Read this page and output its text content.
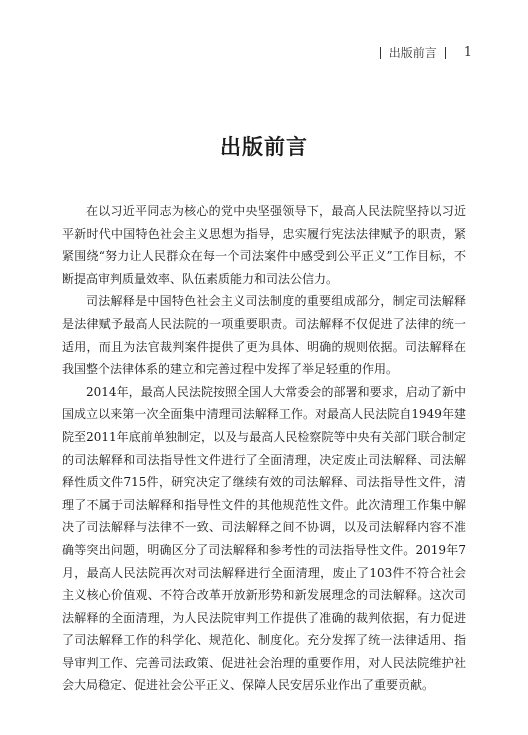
出版前言 1
出版前言

在以习近平同志为核心的党中央坚强领导下，最高人民法院坚持以习近平新时代中国特色社会主义思想为指导，忠实履行宪法法律赋予的职责，紧紧围绕“努力让人民群众在每一个司法案件中感受到公平正义”工作目标，不断提高审判质量效率、队伍素质能力和司法公信力。

司法解释是中国特色社会主义司法制度的重要组成部分，制定司法解释是法律赋予最高人民法院的一项重要职责。司法解释不仅促进了法律的统一适用，而且为法官裁判案件提供了更为具体、明确的规则依据。司法解释在我国整个法律体系的建立和完善过程中发挥了举足轻重的作用。

2014年，最高人民法院按照全国人大常委会的部署和要求，启动了新中国成立以来第一次全面集中清理司法解释工作。对最高人民法院自1949年建院至2011年底前单独制定，以及与最高人民检察院等中央有关部门联合制定的司法解释和司法指导性文件进行了全面清理，决定废止司法解释、司法解释性质文件715件，研究决定了继续有效的司法解释、司法指导性文件，清理了不属于司法解释和指导性文件的其他规范性文件。此次清理工作集中解决了司法解释与法律不一致、司法解释之间不协调，以及司法解释内容不准确等突出问题，明确区分了司法解释和参考性的司法指导性文件。2019年7月，最高人民法院再次对司法解释进行全面清理，废止了103件不符合社会主义核心价值观、不符合改革开放新形势和新发展理念的司法解释。这次司法解释的全面清理，为人民法院审判工作提供了准确的裁判依据，有力促进了司法解释工作的科学化、规范化、制度化。充分发挥了统一法律适用、指导审判工作、完善司法政策、促进社会治理的重要作用，对人民法院维护社会大局稳定、促进社会公平正义、保障人民安居乐业作出了重要贡献。
